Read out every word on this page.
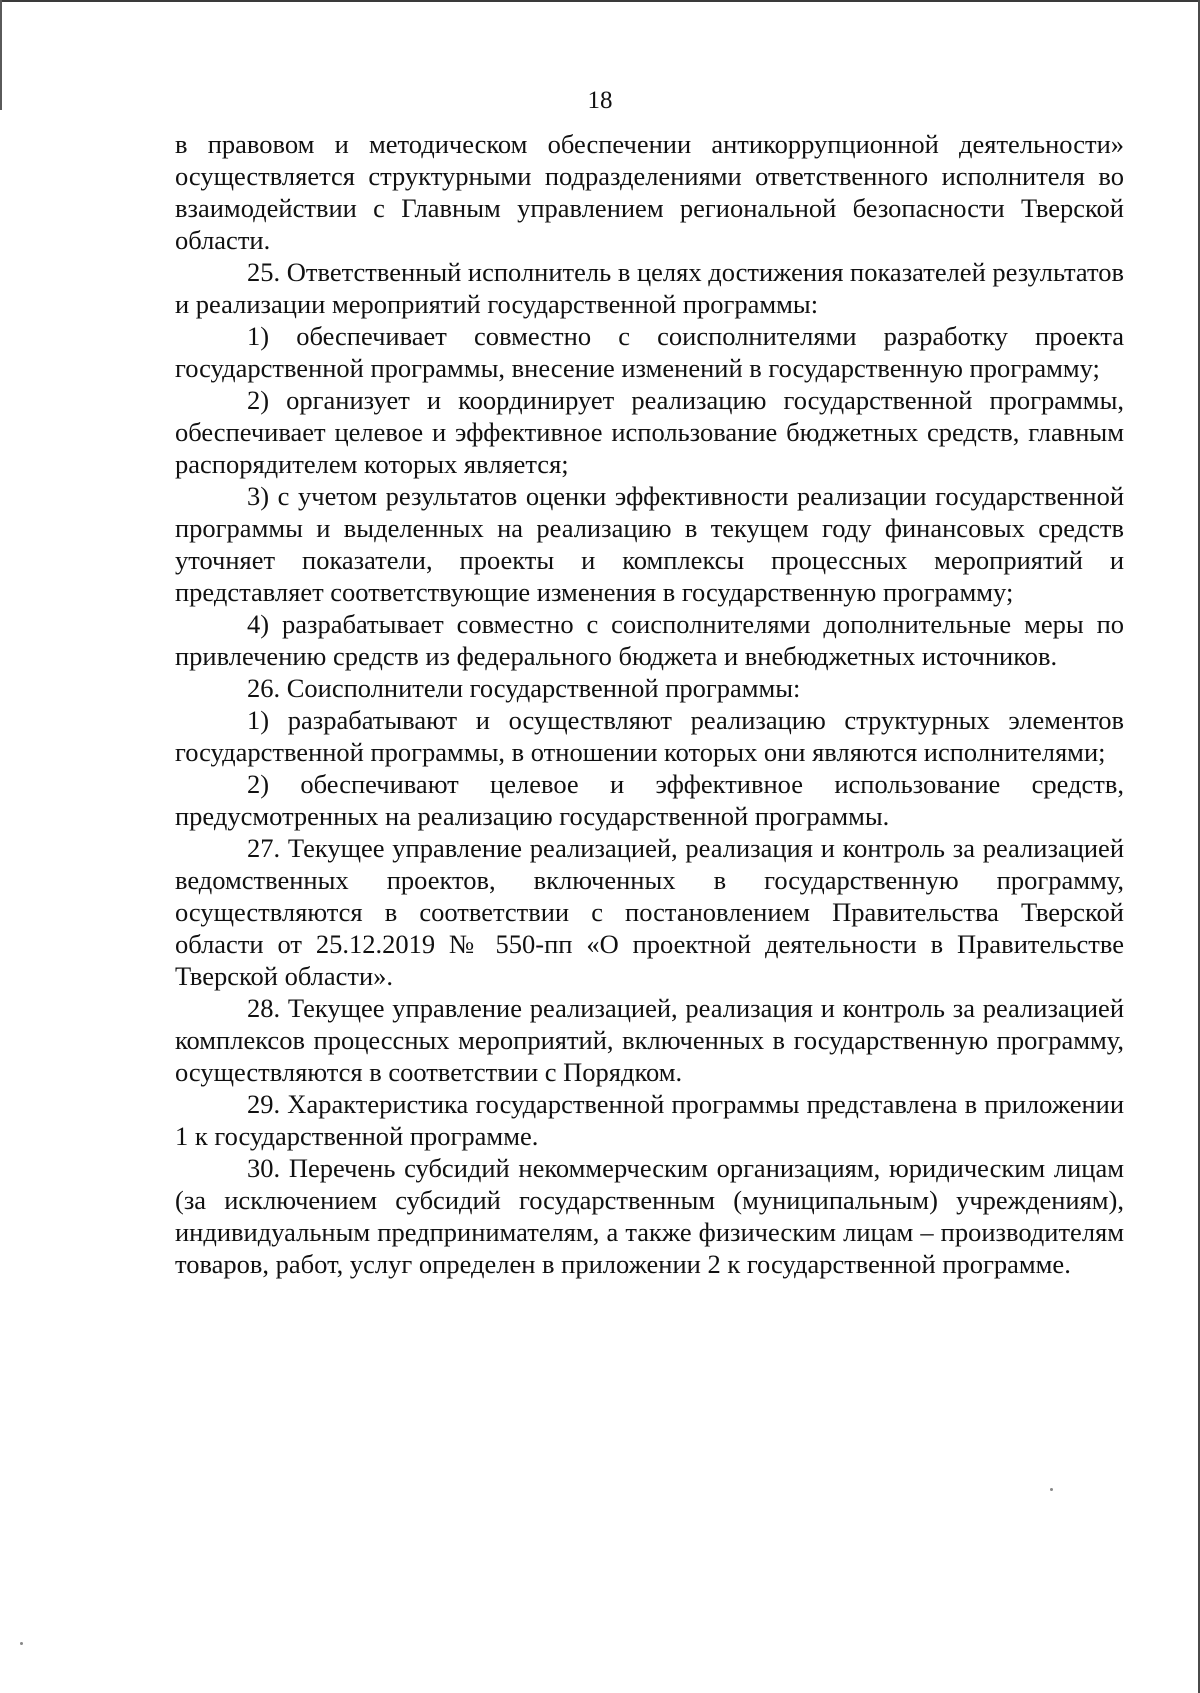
18

в правовом и методическом обеспечении антикоррупционной деятельности» осуществляется структурными подразделениями ответственного исполнителя во взаимодействии с Главным управлением региональной безопасности Тверской области.

25. Ответственный исполнитель в целях достижения показателей результатов и реализации мероприятий государственной программы:

1) обеспечивает совместно с соисполнителями разработку проекта государственной программы, внесение изменений в государственную программу;

2) организует и координирует реализацию государственной программы, обеспечивает целевое и эффективное использование бюджетных средств, главным распорядителем которых является;

3) с учетом результатов оценки эффективности реализации государственной программы и выделенных на реализацию в текущем году финансовых средств уточняет показатели, проекты и комплексы процессных мероприятий и представляет соответствующие изменения в государственную программу;

4) разрабатывает совместно с соисполнителями дополнительные меры по привлечению средств из федерального бюджета и внебюджетных источников.

26. Соисполнители государственной программы:

1) разрабатывают и осуществляют реализацию структурных элементов государственной программы, в отношении которых они являются исполнителями;

2) обеспечивают целевое и эффективное использование средств, предусмотренных на реализацию государственной программы.

27. Текущее управление реализацией, реализация и контроль за реализацией ведомственных проектов, включенных в государственную программу, осуществляются в соответствии с постановлением Правительства Тверской области от 25.12.2019 № 550-пп «О проектной деятельности в Правительстве Тверской области».

28. Текущее управление реализацией, реализация и контроль за реализацией комплексов процессных мероприятий, включенных в государственную программу, осуществляются в соответствии с Порядком.

29. Характеристика государственной программы представлена в приложении 1 к государственной программе.

30. Перечень субсидий некоммерческим организациям, юридическим лицам (за исключением субсидий государственным (муниципальным) учреждениям), индивидуальным предпринимателям, а также физическим лицам – производителям товаров, работ, услуг определен в приложении 2 к государственной программе.
